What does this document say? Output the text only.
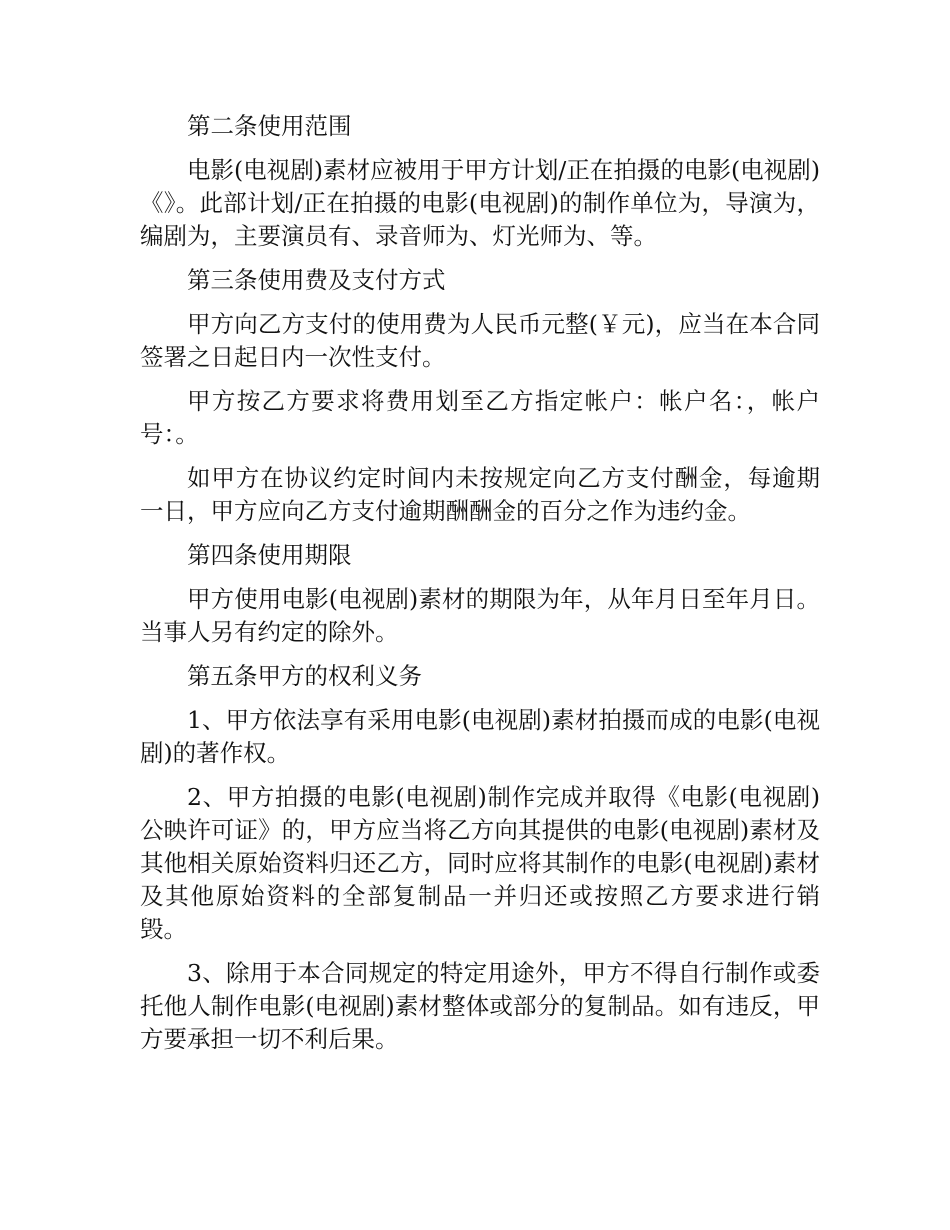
第二条使用范围

电影(电视剧)素材应被用于甲方计划/正在拍摄的电影(电视剧)《》。此部计划/正在拍摄的电影(电视剧)的制作单位为，导演为，编剧为，主要演员有、录音师为、灯光师为、等。

第三条使用费及支付方式

甲方向乙方支付的使用费为人民币元整(￥元)，应当在本合同签署之日起日内一次性支付。

甲方按乙方要求将费用划至乙方指定帐户：帐户名：，帐户号：。

如甲方在协议约定时间内未按规定向乙方支付酬金，每逾期一日，甲方应向乙方支付逾期酬酬金的百分之作为违约金。

第四条使用期限

甲方使用电影(电视剧)素材的期限为年，从年月日至年月日。当事人另有约定的除外。

第五条甲方的权利义务

1、甲方依法享有采用电影(电视剧)素材拍摄而成的电影(电视剧)的著作权。

2、甲方拍摄的电影(电视剧)制作完成并取得《电影(电视剧)公映许可证》的，甲方应当将乙方向其提供的电影(电视剧)素材及其他相关原始资料归还乙方，同时应将其制作的电影(电视剧)素材及其他原始资料的全部复制品一并归还或按照乙方要求进行销毁。

3、除用于本合同规定的特定用途外，甲方不得自行制作或委托他人制作电影(电视剧)素材整体或部分的复制品。如有违反，甲方要承担一切不利后果。
